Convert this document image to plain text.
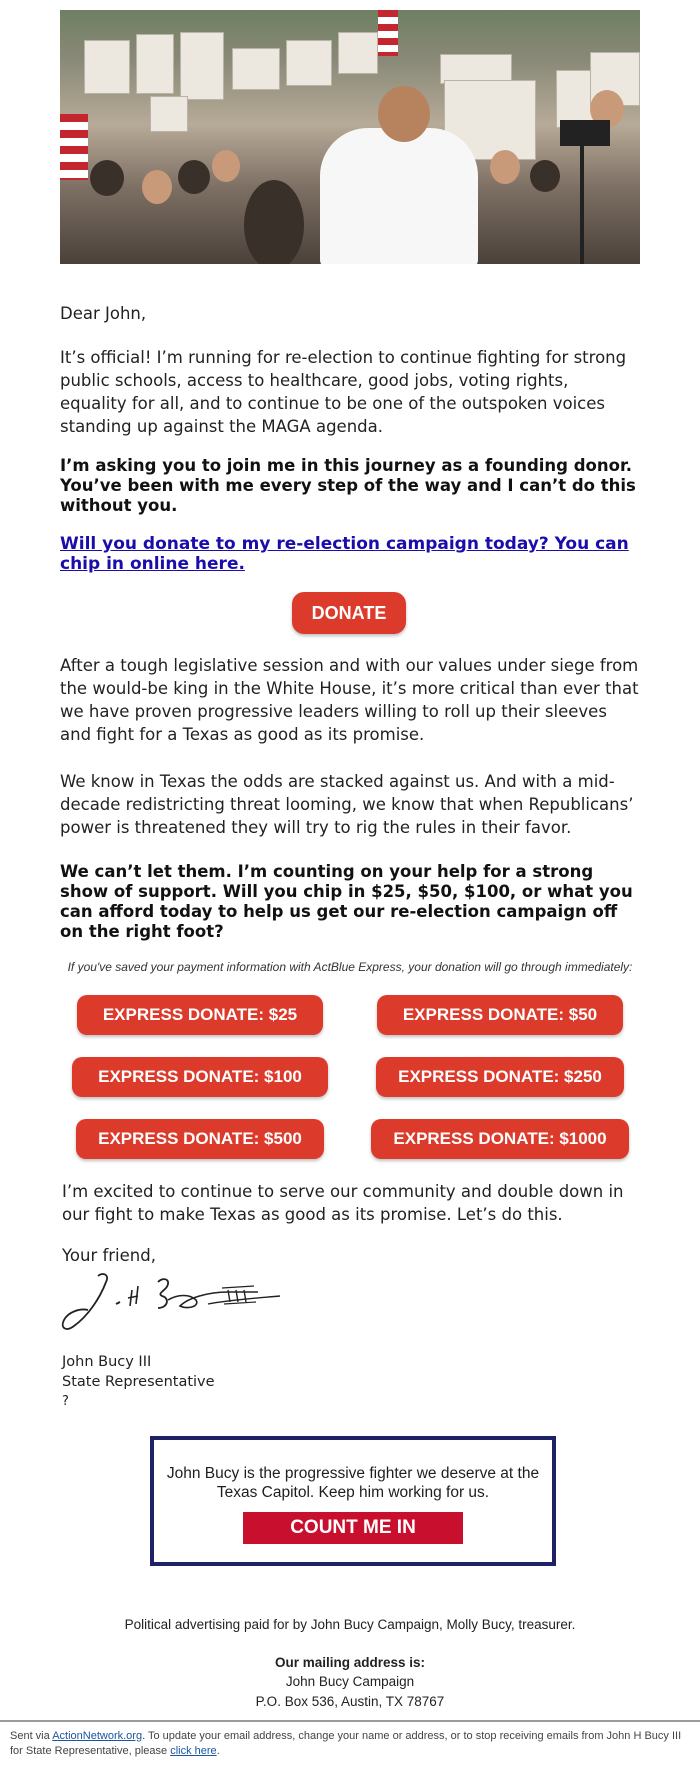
Dear John,

It’s official! I’m running for re-election to continue fighting for strong public schools, access to healthcare, good jobs, voting rights, equality for all, and to continue to be one of the outspoken voices standing up against the MAGA agenda.

I’m asking you to join me in this journey as a founding donor. You’ve been with me every step of the way and I can’t do this without you.

Will you donate to my re-election campaign today? You can chip in online here.
DONATE

After a tough legislative session and with our values under siege from the would-be king in the White House, it’s more critical than ever that we have proven progressive leaders willing to roll up their sleeves and fight for a Texas as good as its promise.

We know in Texas the odds are stacked against us. And with a mid-decade redistricting threat looming, we know that when Republicans’ power is threatened they will try to rig the rules in their favor.

We can’t let them. I’m counting on your help for a strong show of support. Will you chip in $25, $50, $100, or what you can afford today to help us get our re-election campaign off on the right foot?

If you've saved your payment information with ActBlue Express, your donation will go through immediately:
EXPRESS DONATE: $25	EXPRESS DONATE: $50
EXPRESS DONATE: $100	EXPRESS DONATE: $250
EXPRESS DONATE: $500	EXPRESS DONATE: $1000

I’m excited to continue to serve our community and double down in our fight to make Texas as good as its promise. Let’s do this.

Your friend,

John Bucy III

State Representative

?

John Bucy is the progressive fighter we deserve at the Texas Capitol. Keep him working for us.
COUNT ME IN
Political advertising paid for by John Bucy Campaign, Molly Bucy, treasurer.
Our mailing address is:
John Bucy Campaign
P.O. Box 536, Austin, TX 78767
Sent via ActionNetwork.org. To update your email address, change your name or address, or to stop receiving emails from John H Bucy III for State Representative, please click here.
